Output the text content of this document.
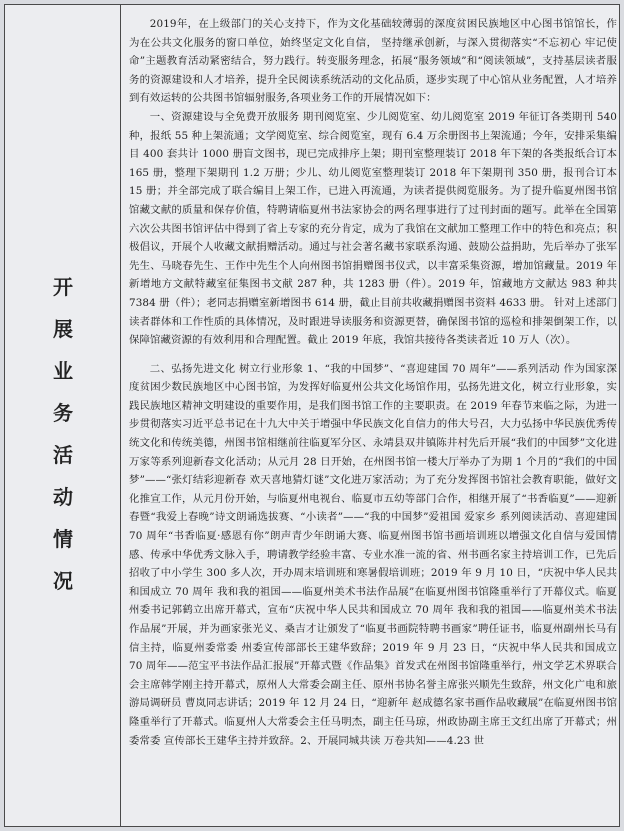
开
展
业
务
活
动
情
况

2019年，在上级部门的关心支持下，作为文化基础较薄弱的深度贫困民族地区中心图书馆馆长，作为在公共文化服务的窗口单位，始终坚定文化自信， 坚持继承创新，与深入贯彻落实“不忘初心 牢记使命”主题教育活动紧密结合，努力践行。转变服务理念，拓展“服务领域”和“阅读领域”，支持基层读者服务的资源建设和人才培养，提升全民阅读系统活动的文化品质，逐步实现了中心馆从业务配置，人才培养到有效运转的公共图书馆辐射服务,各项业务工作的开展情况如下：

一、资源建设与全免费开放服务 期刊阅览室、少儿阅览室、幼儿阅览室 2019 年征订各类期刊 540 种，报纸 55 种上架流通；文学阅览室、综合阅览室，现有 6.4 万余册图书上架流通；今年，安排采集编目 400 套共计 1000 册盲文图书，现已完成排序上架；期刊室整理装订 2018 年下架的各类报纸合订本 165 册，整理下架期刊 1.2 万册；少儿、幼儿阅览室整理装订 2018 年下架期刊 350 册，报刊合订本 15 册；并全部完成了联合编目上架工作，已进入再流通，为读者提供阅览服务。为了提升临夏州图书馆馆藏文献的质量和保存价值，特聘请临夏州书法家协会的两名理事进行了过刊封面的题写。此举在全国第六次公共图书馆评估中得到了省上专家的充分肯定，成为了我馆在文献加工整理工作中的特色和亮点；积极倡议，开展个人收藏文献捐赠活动。通过与社会著名藏书家联系沟通、鼓励公益捐助，先后举办了张军先生、马晓春先生、王作中先生个人向州图书馆捐赠图书仪式，以丰富采集资源，增加馆藏量。2019 年新增地方文献特藏室征集图书文献 287 种，共 1283 册（件）。2019 年，馆藏地方文献达 983 种共 7384 册（件）；老同志捐赠室新增图书 614 册，截止目前共收藏捐赠图书资料 4633 册。 针对上述部门读者群体和工作性质的具体情况，及时跟进导读服务和资源更替，确保图书馆的巡检和排架倒架工作，以保障馆藏资源的有效利用和合理配置。截止 2019 年底，我馆共接待各类读者近 10 万人（次）。

二、弘扬先进文化 树立行业形象 1、“我的中国梦”、“喜迎建国 70 周年”——系列活动 作为国家深度贫困少数民族地区中心图书馆，为发挥好临夏州公共文化场馆作用，弘扬先进文化，树立行业形象，实践民族地区精神文明建设的重要作用，是我们图书馆工作的主要职责。在 2019 年春节来临之际，为进一步贯彻落实习近平总书记在十九大中关于增强中华民族文化自信力的伟大号召，大力弘扬中华民族优秀传统文化和传统美德，州图书馆相继前往临夏军分区、永靖县双井镇陈井村先后开展“我们的中国梦”文化进万家等系列迎新春文化活动；从元月 28 日开始，在州图书馆一楼大厅举办了为期 1 个月的“我们的中国梦”——“张灯结彩迎新春 欢天喜地猜灯谜”文化进万家活动；为了充分发挥图书馆社会教育职能，做好文化推宣工作，从元月份开始，与临夏州电视台、临夏市五幼等部门合作，相继开展了“书香临夏”——迎新春暨“我爱上春晚”诗文朗诵选拔赛、“小读者”——“我的中国梦”爱祖国 爱家乡 系列阅读活动、喜迎建国 70 周年“书香临夏·感恩有你”朗声青少年朗诵大赛、临夏州图书馆书画培训班以增强文化自信与爱国情感、传承中华优秀文脉入手，聘请教学经验丰富、专业水准一流的省、州书画名家主持培训工作，已先后招收了中小学生 300 多人次，开办周末培训班和寒暑假培训班；2019 年 9 月 10 日，“庆祝中华人民共和国成立 70 周年 我和我的祖国——临夏州美术书法作品展”在临夏州图书馆隆重举行了开幕仪式。临夏州委书记郭鹤立出席开幕式，宣布“庆祝中华人民共和国成立 70 周年 我和我的祖国——临夏州美术书法作品展”开展，并为画家张光义、桑吉才让颁发了“临夏书画院特聘书画家”聘任证书，临夏州副州长马有信主持，临夏州委常委 州委宣传部部长王建华致辞；2019 年 9 月 23 日，“庆祝中华人民共和国成立 70 周年——范宝平书法作品汇报展”开幕式暨《作品集》首发式在州图书馆隆重举行，州文学艺术界联合会主席韩学刚主持开幕式，原州人大常委会副主任、原州书协名誉主席张兴顺先生致辞，州文化广电和旅游局调研员 曹岚同志讲话；2019 年 12 月 24 日，“迎新年 赵成德名家书画作品收藏展”在临夏州图书馆隆重举行了开幕式。临夏州人大常委会主任马明杰，副主任马琼，州政协副主席王文红出席了开幕式；州委常委 宣传部长王建华主持并致辞。2、开展同城共读 万卷共知——4.23 世
